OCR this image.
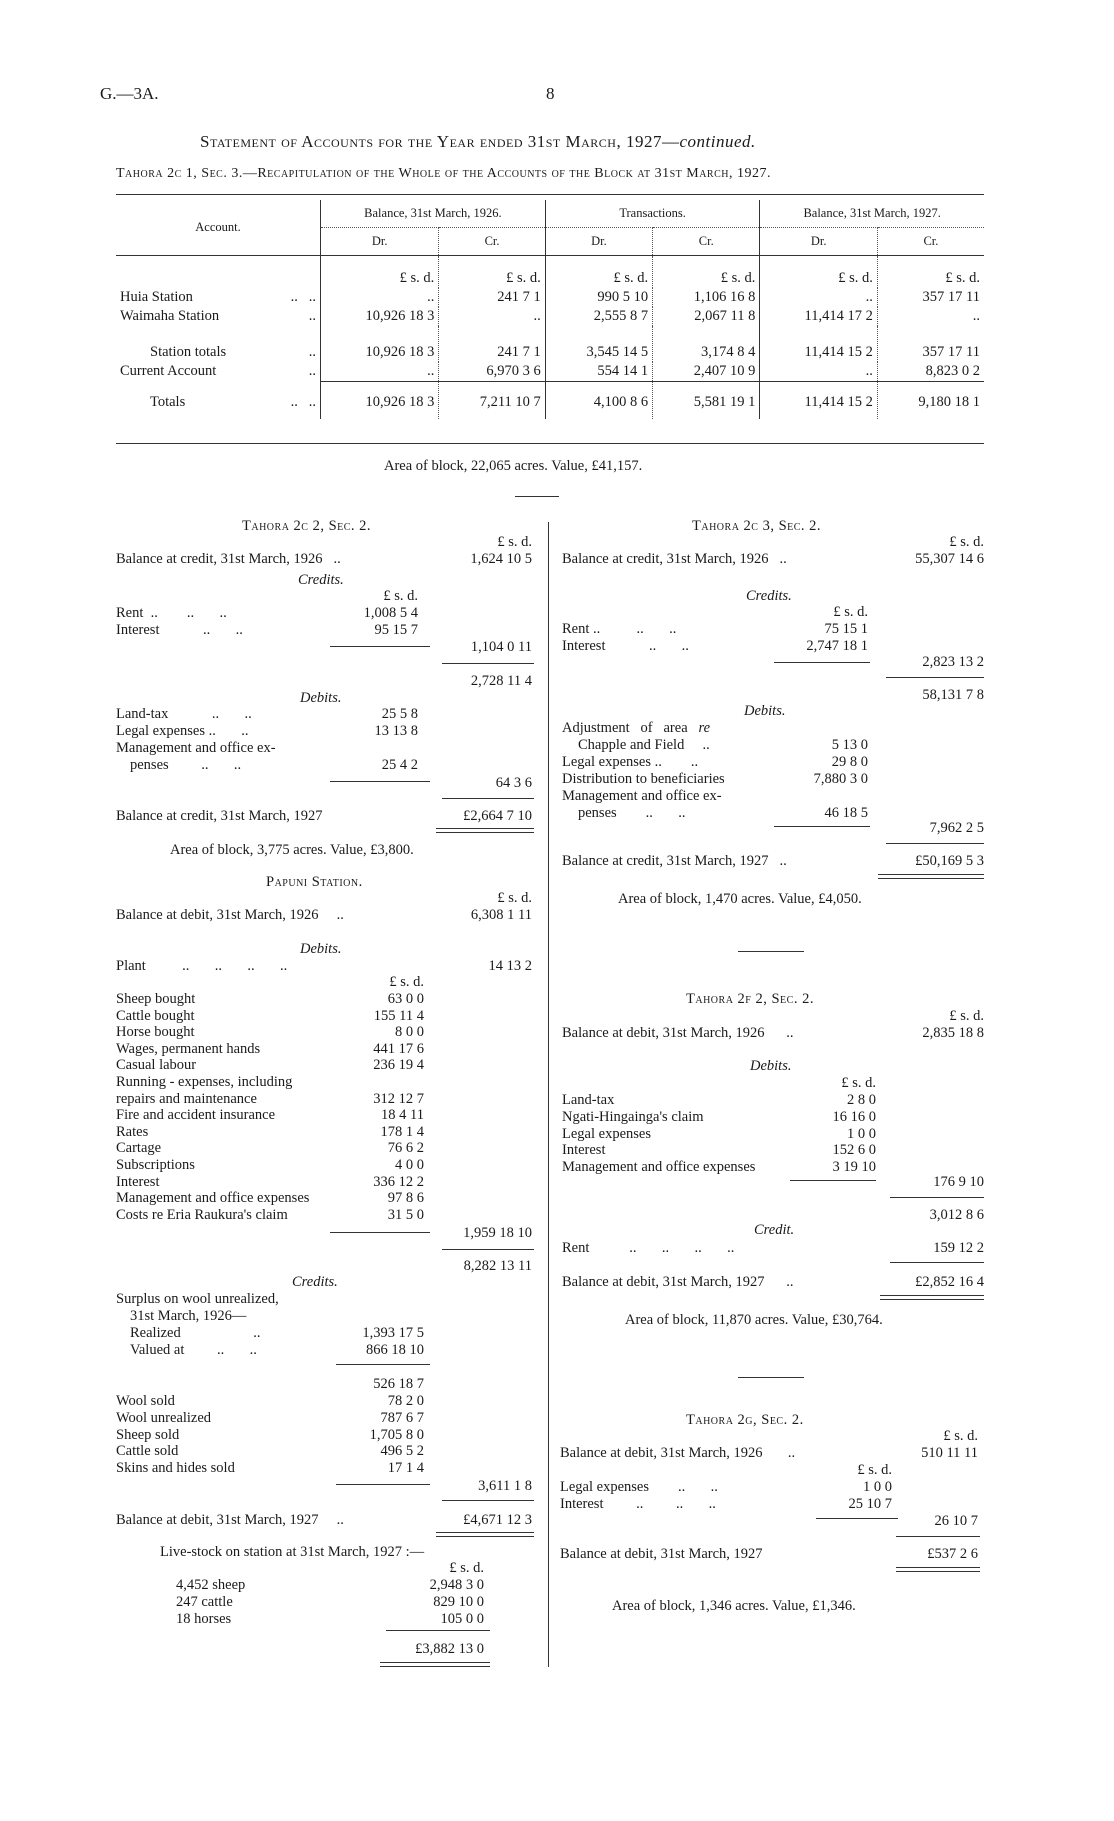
G.—3A.	8
Statement of Accounts for the Year ended 31st March, 1927—continued.
Tahora 2c 1, Sec. 3.—Recapitulation of the Whole of the Accounts of the Block at 31st March, 1927.
Account.	Balance, 31st March, 1926.		Transactions.		Balance, 31st March, 1927.	
	Dr.	Cr.	Dr.	Cr.	Dr.	Cr.
	£ s. d.	£ s. d.	£ s. d.	£ s. d.	£ s. d.	£ s. d.
Huia Station ..   ..	..	241 7 1	990 5 10	1,106 16 8	..	357 17 11
Waimaha Station ..	10,926 18 3	..	2,555 8 7	2,067 11 8	11,414 17 2	..
Station totals ..	10,926 18 3	241 7 1	3,545 14 5	3,174 8 4	11,414 15 2	357 17 11
Current Account ..	..	6,970 3 6	554 14 1	2,407 10 9	..	8,823 0 2
Totals ..   ..	10,926 18 3	7,211 10 7	4,100 8 6	5,581 19 1	11,414 15 2	9,180 18 1
Area of block, 22,065 acres. Value, £41,157.
Tahora 2c 2, Sec. 2.
£ s. d.
Balance at credit, 31st March, 1926   ..	1,624 10 5
Credits.
£ s. d.
Rent  ..        ..       ..	1,008 5 4
Interest            ..       ..	95 15 7
1,104 0 11
2,728 11 4
Debits.
Land-tax            ..       ..	25 5 8
Legal expenses ..       ..	13 13 8
Management and office ex-
penses         ..       ..	25 4 2
64 3 6
Balance at credit, 31st March, 1927	£2,664 7 10
Area of block, 3,775 acres. Value, £3,800.
Papuni Station.
£ s. d.
Balance at debit, 31st March, 1926     ..	6,308 1 11
Debits.
Plant          ..       ..       ..       ..	14 13 2
£ s. d.
Sheep bought	63 0 0
Cattle bought	155 11 4
Horse bought	8 0 0
Wages, permanent hands	441 17 6
Casual labour	236 19 4
Running - expenses, including
repairs and maintenance	312 12 7
Fire and accident insurance	18 4 11
Rates	178 1 4
Cartage	76 6 2
Subscriptions	4 0 0
Interest	336 12 2
Management and office expenses	97 8 6
Costs re Eria Raukura's claim	31 5 0
1,959 18 10
8,282 13 11
Credits.
Surplus on wool unrealized,
31st March, 1926—
Realized                    ..	1,393 17 5
Valued at         ..       ..	866 18 10
526 18 7
Wool sold	78 2 0
Wool unrealized	787 6 7
Sheep sold	1,705 8 0
Cattle sold	496 5 2
Skins and hides sold	17 1 4
3,611 1 8
Balance at debit, 31st March, 1927     ..	£4,671 12 3
Live-stock on station at 31st March, 1927 :—
£ s. d.
4,452 sheep	2,948 3 0
247 cattle	829 10 0
18 horses	105 0 0
£3,882 13 0
Tahora 2c 3, Sec. 2.
£ s. d.
Balance at credit, 31st March, 1926   ..	55,307 14 6
Credits.
£ s. d.
Rent ..          ..       ..	75 15 1
Interest            ..       ..	2,747 18 1
2,823 13 2
58,131 7 8
Debits.
Adjustment   of   area   re
Chapple and Field     ..	5 13 0
Legal expenses ..        ..	29 8 0
Distribution to beneficiaries	7,880 3 0
Management and office ex-
penses        ..       ..	46 18 5
7,962 2 5
Balance at credit, 31st March, 1927   ..	£50,169 5 3
Area of block, 1,470 acres. Value, £4,050.
Tahora 2f 2, Sec. 2.
£ s. d.
Balance at debit, 31st March, 1926      ..	2,835 18 8
Debits.
£ s. d.
Land-tax	2 8 0
Ngati-Hingainga's claim	16 16 0
Legal expenses	1 0 0
Interest	152 6 0
Management and office expenses	3 19 10
176 9 10
3,012 8 6
Credit.
Rent           ..       ..       ..       ..	159 12 2
Balance at debit, 31st March, 1927      ..	£2,852 16 4
Area of block, 11,870 acres. Value, £30,764.
Tahora 2g, Sec. 2.
£ s. d.
Balance at debit, 31st March, 1926       ..	510 11 11
£ s. d.
Legal expenses        ..       ..	1 0 0
Interest         ..         ..       ..	25 10 7
26 10 7
Balance at debit, 31st March, 1927	£537 2 6
Area of block, 1,346 acres. Value, £1,346.
